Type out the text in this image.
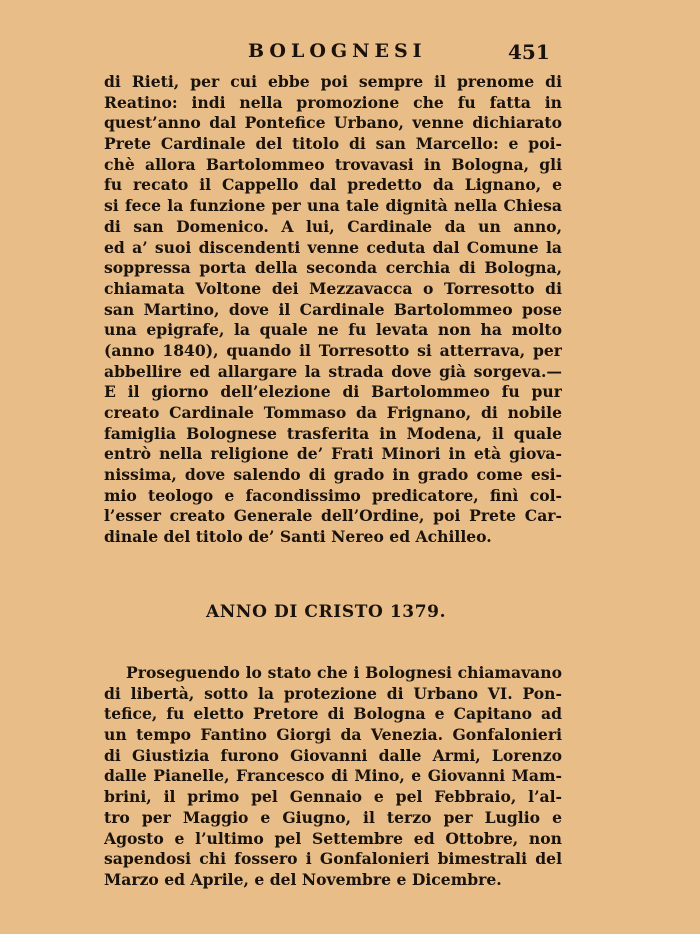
BOLOGNESI	451
di Rieti, per cui ebbe poi sempre il prenome di
Reatino: indi nella promozione che fu fatta in
quest’anno dal Pontefice Urbano, venne dichiarato
Prete Cardinale del titolo di san Marcello: e poi-
chè allora Bartolommeo trovavasi in Bologna, gli
fu recato il Cappello dal predetto da Lignano, e
si fece la funzione per una tale dignità nella Chiesa
di san Domenico. A lui, Cardinale da un anno,
ed a’ suoi discendenti venne ceduta dal Comune la
soppressa porta della seconda cerchia di Bologna,
chiamata Voltone dei Mezzavacca o Torresotto di
san Martino, dove il Cardinale Bartolommeo pose
una epigrafe, la quale ne fu levata non ha molto
(anno 1840), quando il Torresotto si atterrava, per
abbellire ed allargare la strada dove già sorgeva.—
E il giorno dell’elezione di Bartolommeo fu pur
creato Cardinale Tommaso da Frignano, di nobile
famiglia Bolognese trasferita in Modena, il quale
entrò nella religione de’ Frati Minori in età giova-
nissima, dove salendo di grado in grado come esi-
mio teologo e facondissimo predicatore, finì col-
l’esser creato Generale dell’Ordine, poi Prete Car-
dinale del titolo de’ Santi Nereo ed Achilleo.
ANNO DI CRISTO 1379.
Proseguendo lo stato che i Bolognesi chiamavano
di libertà, sotto la protezione di Urbano VI. Pon-
tefice, fu eletto Pretore di Bologna e Capitano ad
un tempo Fantino Giorgi da Venezia. Gonfalonieri
di Giustizia furono Giovanni dalle Armi, Lorenzo
dalle Pianelle, Francesco di Mino, e Giovanni Mam-
brini, il primo pel Gennaio e pel Febbraio, l’al-
tro per Maggio e Giugno, il terzo per Luglio e
Agosto e l’ultimo pel Settembre ed Ottobre, non
sapendosi chi fossero i Gonfalonieri bimestrali del
Marzo ed Aprile, e del Novembre e Dicembre.
